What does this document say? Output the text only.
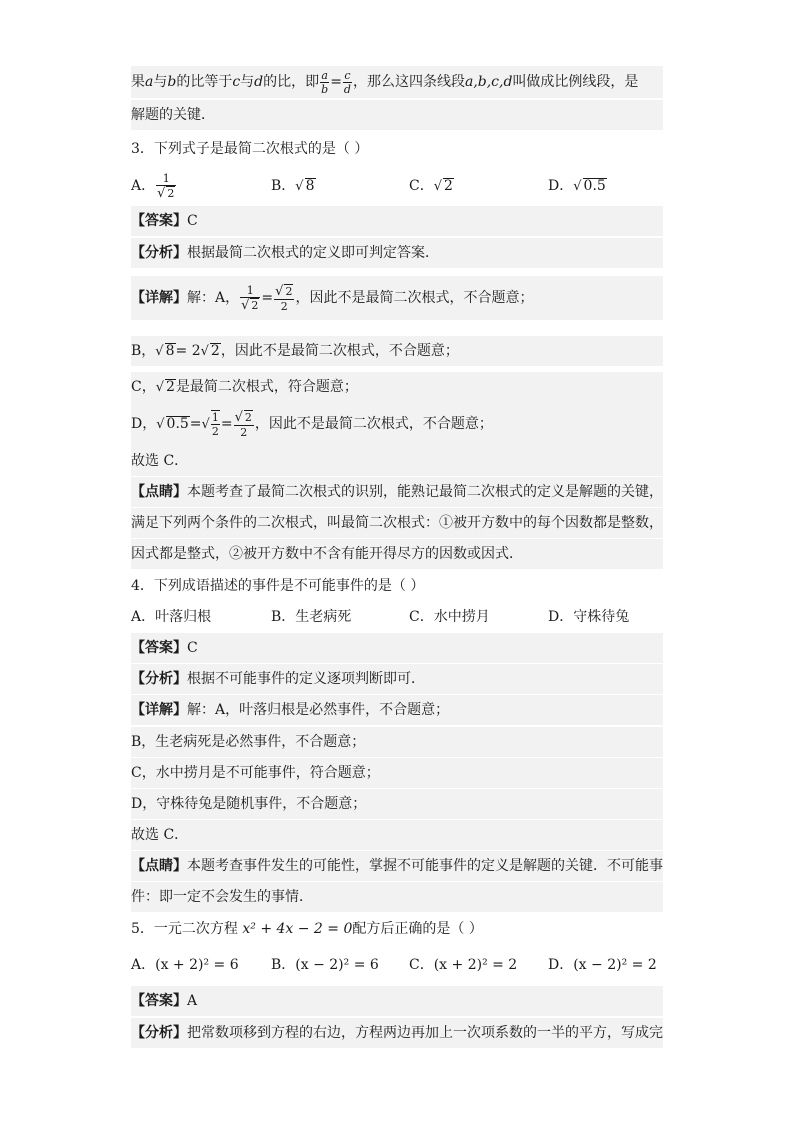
果a与b的比等于c与d的比，即 $\frac{a}{b} = \frac{c}{d}$ ，那么这四条线段a,b,c,d叫做成比例线段，是
解题的关键．
3．下列式子是最简二次根式的是（ ）
A． $\frac{1}{√ 2}$	B．√ 8	C．√ 2	D．√ 0.5
【答案】C
【分析】根据最简二次根式的定义即可判定答案．
【详解】解：A， $\frac{1}{√ 2} = \frac{√ 2}{2}$ ，因此不是最简二次根式，不合题意；
B，√ 8= 2√ 2，因此不是最简二次根式，不合题意；
C，√ 2是最简二次根式，符合题意；
D，√ $0.5=√ \frac{1}{2} = \frac{√ 2}{2}$ ，因此不是最简二次根式，不合题意；
故选 C．
【点睛】本题考查了最简二次根式的识别，能熟记最简二次根式的定义是解题的关键，
满足下列两个条件的二次根式，叫最简二次根式：①被开方数中的每个因数都是整数，
因式都是整式，②被开方数中不含有能开得尽方的因数或因式．
4．下列成语描述的事件是不可能事件的是（ ）
A．叶落归根	B．生老病死	C．水中捞月	D．守株待兔
【答案】C
【分析】根据不可能事件的定义逐项判断即可．
【详解】解：A，叶落归根是必然事件，不合题意；
B，生老病死是必然事件，不合题意；
C，水中捞月是不可能事件，符合题意；
D，守株待兔是随机事件，不合题意；
故选 C．
【点睛】本题考查事件发生的可能性，掌握不可能事件的定义是解题的关键．不可能事
件：即一定不会发生的事情．
5．一元二次方程 x² + 4x − 2 = 0配方后正确的是（ ）
A．(x + 2)² = 6 B．(x − 2)² = 6 C．(x + 2)² = 2 D．(x − 2)² = 2
【答案】A
【分析】把常数项移到方程的右边，方程两边再加上一次项系数的一半的平方，写成完
